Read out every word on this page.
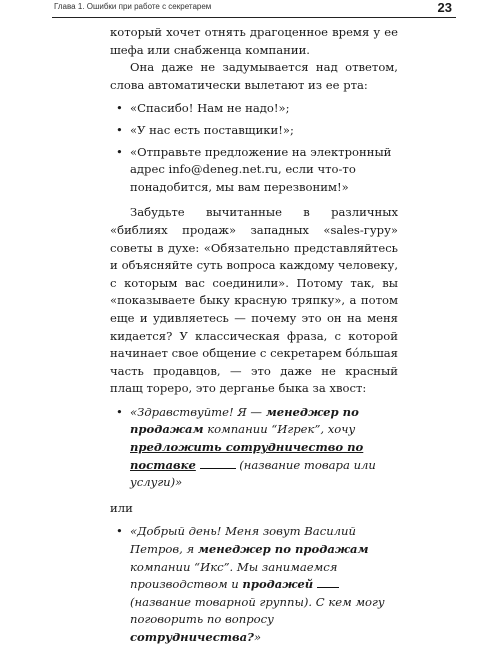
Глава 1. Ошибки при работе с секретарем	23

который хочет отнять драгоценное время у ее шефа или снабженца компании.

Она даже не задумывается над ответом, слова автоматически вылетают из ее рта:

• «Спасибо! Нам не надо!»;
• «У нас есть поставщики!»;
• «Отправьте предложение на электронный адрес info@deneg.net.ru, если что-то понадобится, мы вам перезвоним!»

Забудьте вычитанные в различных «библиях продаж» западных «sales-гуру» советы в духе: «Обязательно представляйтесь и объясняйте суть вопроса каждому человеку, с которым вас соединили». Потому так, вы «показываете быку красную тряпку», а потом еще и удивляетесь — почему это он на меня кидается? У классическая фраза, с которой начинает свое общение с секретарем бóльшая часть продавцов, — это даже не красный плащ тореро, это дерганье быка за хвост:

• «Здравствуйте! Я — менеджер по продажам компании “Игрек”, хочу предложить сотрудничество по поставке	(название товара или услуги)»

или

• «Добрый день! Меня зовут Василий Петров, я менеджер по продажам компании “Икс”. Мы занимаемся производством и продажей  (название товарной группы). С кем могу поговорить по вопросу сотрудничества?»
